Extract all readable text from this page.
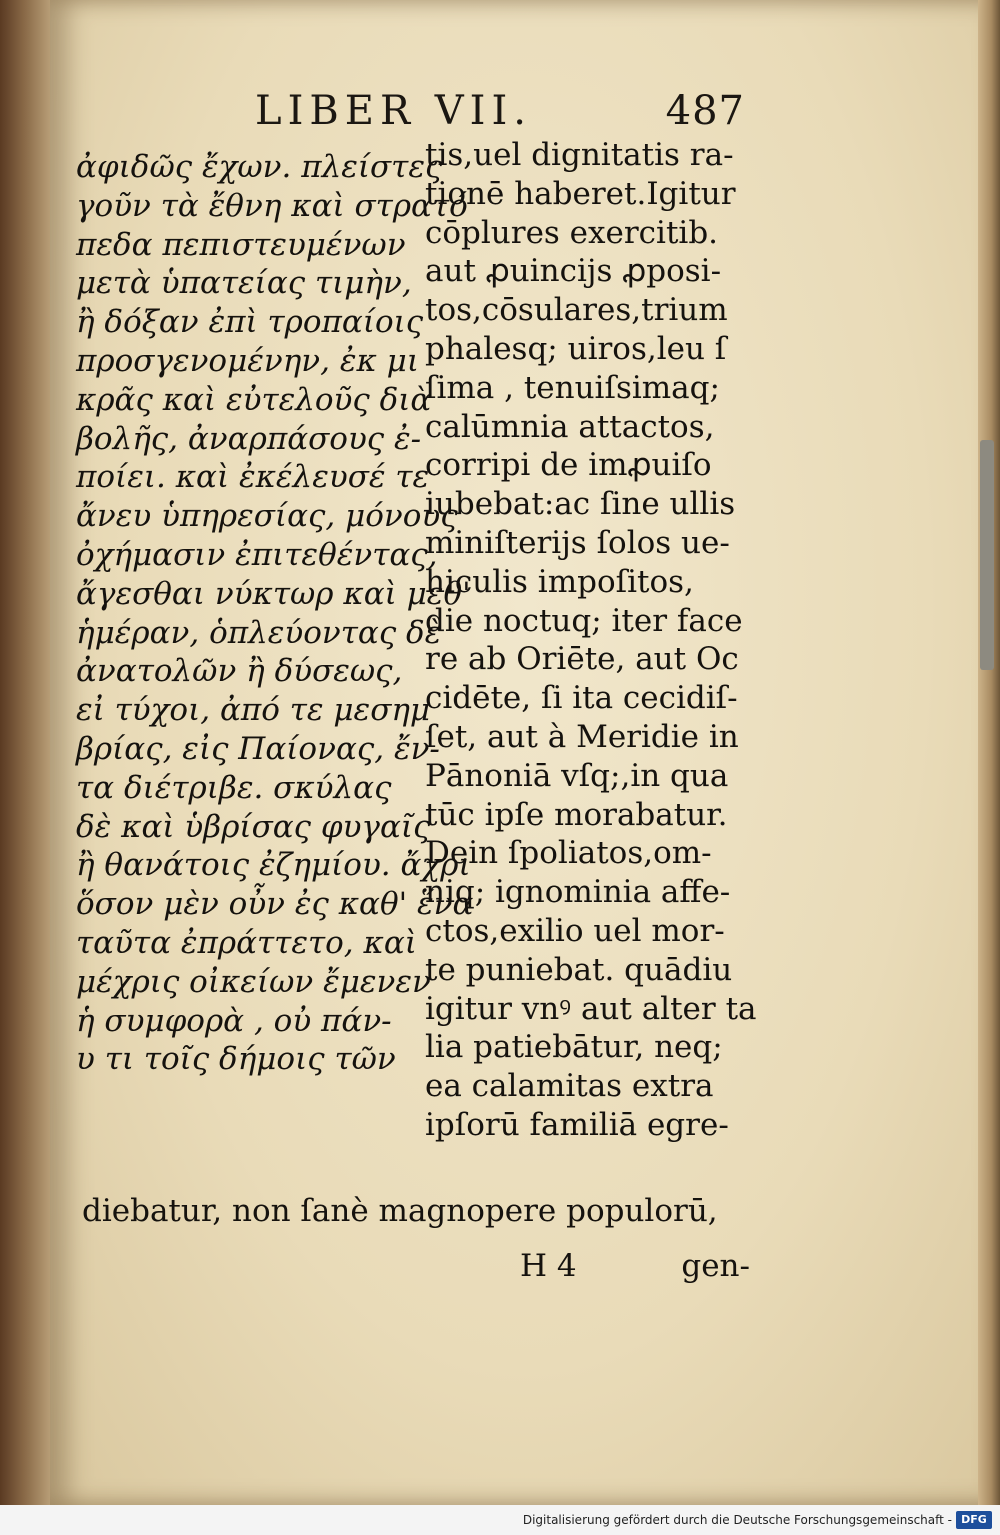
LIBER VII.	487
ἀφιδῶς ἔχων. πλείστες
γοῦν τὰ ἔθνη καὶ στρατό
πεδα πεπιστευμένων
μετὰ ὑπατείας τιμὴν,
ἢ δόξαν ἐπὶ τροπαίοις
προσγενομένην, ἐκ μι
κρᾶς καὶ εὐτελοῦς διὰ
βολῆς, ἀναρπάσους ἐ-
ποίει. καὶ ἐκέλευσέ τε
ἄνευ ὑπηρεσίας, μόνους
ὀχήμασιν ἐπιτεθέντας,
ἄγεσθαι νύκτωρ καὶ μεθ'
ἡμέραν, ὁπλεύοντας δὲ
ἀνατολῶν ἢ δύσεως,
εἰ τύχοι, ἀπό τε μεσημ
βρίας, εἰς Παίονας, ἔν-
τα διέτριβε. σκύλας
δὲ καὶ ὑβρίσας φυγαῖς
ἢ θανάτοις ἐζημίου. ἄχρι
ὅσον μὲν οὖν ἐς καθ' ἕνα
ταῦτα ἐπράττετο, καὶ
μέχρις οἰκείων ἔμενεν
ἡ συμφορὰ , οὐ πάν-
υ τι τοῖς δήμοις τῶν
tis,uel dignitatis ra-
tionē haberet.Igitur
cōplures exercitib.
aut ꝓuincijs ꝓposi-
tos,cōsulares,trium
phalesq; uiros,leu ſ
ſima , tenuiſsimaq;
calūmnia attactos,
corripi de imꝓuiſo
iubebat:ac ſine ullis
miniſterijs ſolos ue-
hiculis impoſitos,
die noctuq; iter face
re ab Oriēte, aut Oc
cidēte, ſi ita cecidiſ-
ſet, aut à Meridie in
Pānoniā vſq;,in qua
tūc ipſe morabatur.
Dein ſpoliatos,om-
niq; ignominia affe-
ctos,exilio uel mor-
te puniebat. quādiu
igitur vnꝰ aut alter ta
lia patiebātur, neq;
ea calamitas extra
ipſorū familiā egre-
diebatur, non ſanè magnopere populorū,
H 4	gen-
Digitalisierung gefördert durch die Deutsche Forschungsgemeinschaft - DFG
